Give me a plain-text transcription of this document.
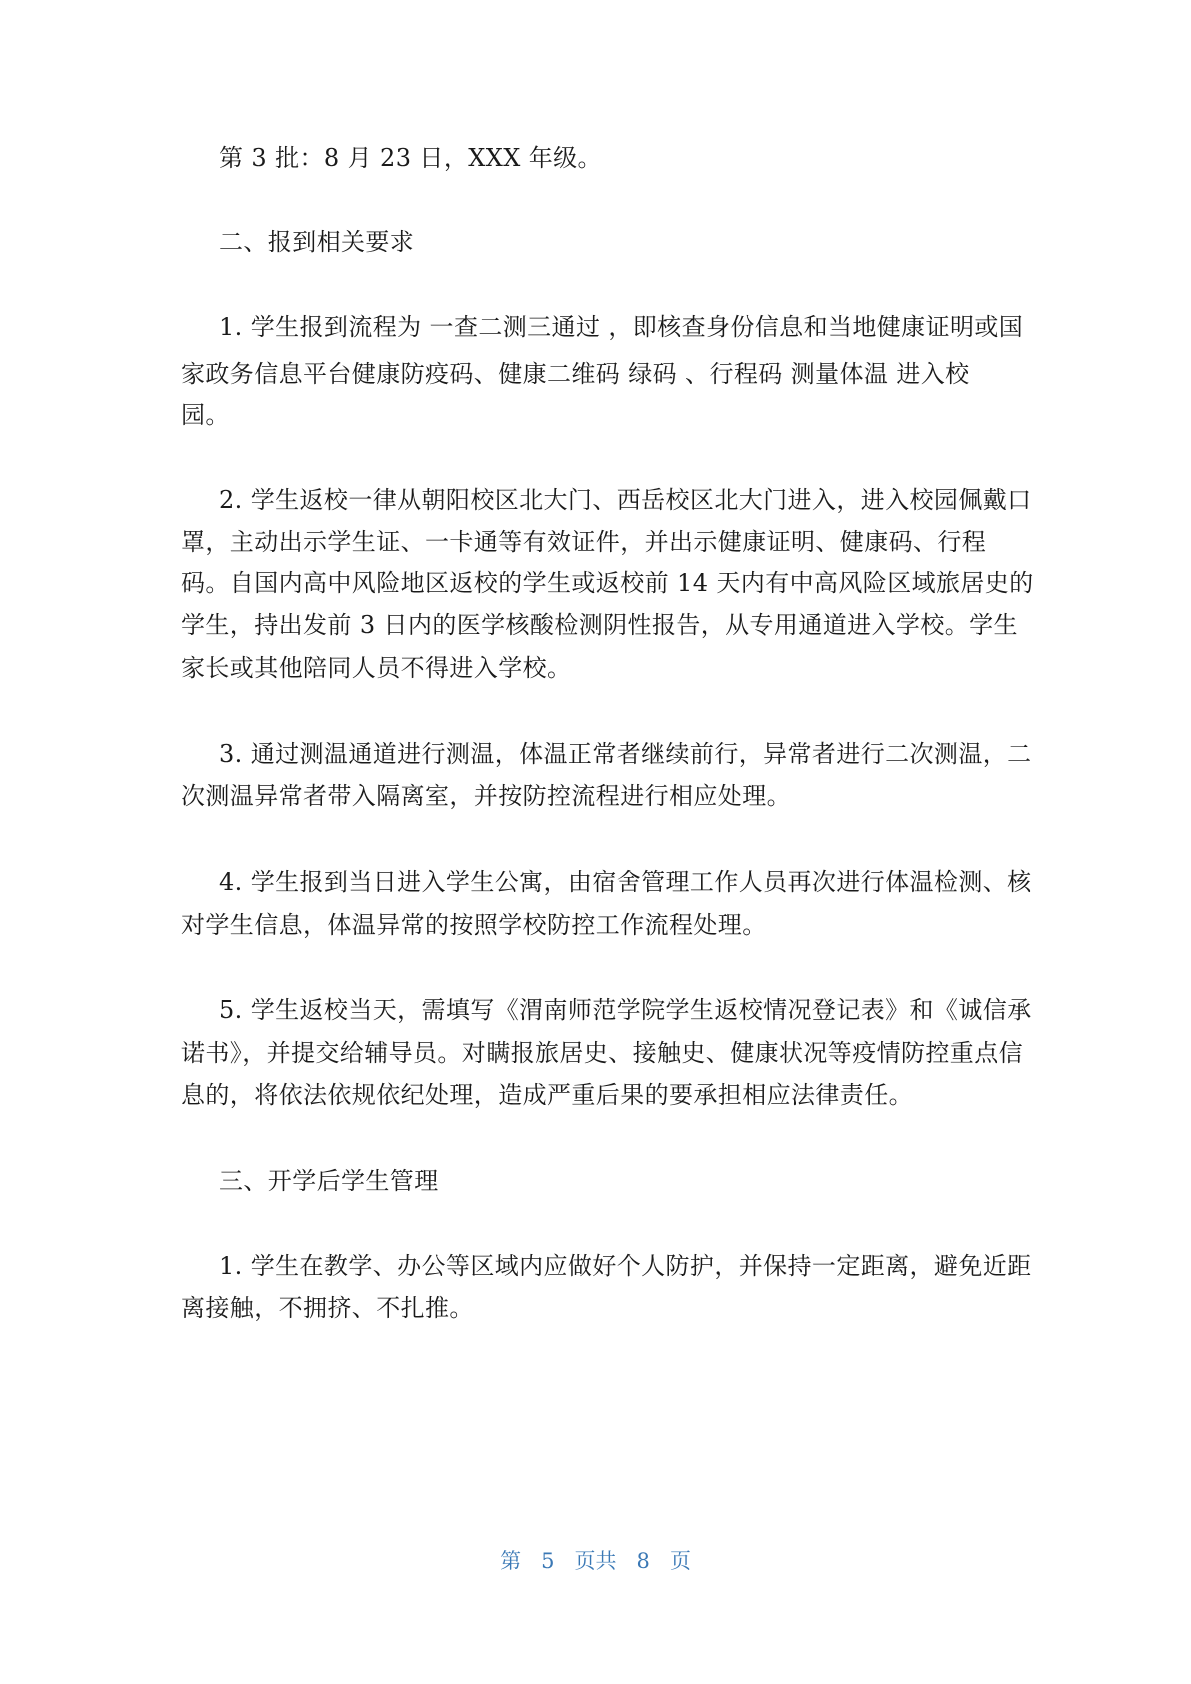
第 3 批：8 月 23 日，XXX 年级。
二、报到相关要求
1. 学生报到流程为 一查二测三通过 ，即核查身份信息和当地健康证明或国
家政务信息平台健康防疫码、健康二维码 绿码 、行程码 测量体温 进入校
园。
2. 学生返校一律从朝阳校区北大门、西岳校区北大门进入，进入校园佩戴口
罩，主动出示学生证、一卡通等有效证件，并出示健康证明、健康码、行程
码。自国内高中风险地区返校的学生或返校前 14 天内有中高风险区域旅居史的
学生，持出发前 3 日内的医学核酸检测阴性报告，从专用通道进入学校。学生
家长或其他陪同人员不得进入学校。
3. 通过测温通道进行测温，体温正常者继续前行，异常者进行二次测温，二
次测温异常者带入隔离室，并按防控流程进行相应处理。
4. 学生报到当日进入学生公寓，由宿舍管理工作人员再次进行体温检测、核
对学生信息，体温异常的按照学校防控工作流程处理。
5. 学生返校当天，需填写《渭南师范学院学生返校情况登记表》和《诚信承
诺书》，并提交给辅导员。对瞒报旅居史、接触史、健康状况等疫情防控重点信
息的，将依法依规依纪处理，造成严重后果的要承担相应法律责任。
三、开学后学生管理
1. 学生在教学、办公等区域内应做好个人防护，并保持一定距离，避免近距
离接触，不拥挤、不扎推。
第 5 页共 8 页
